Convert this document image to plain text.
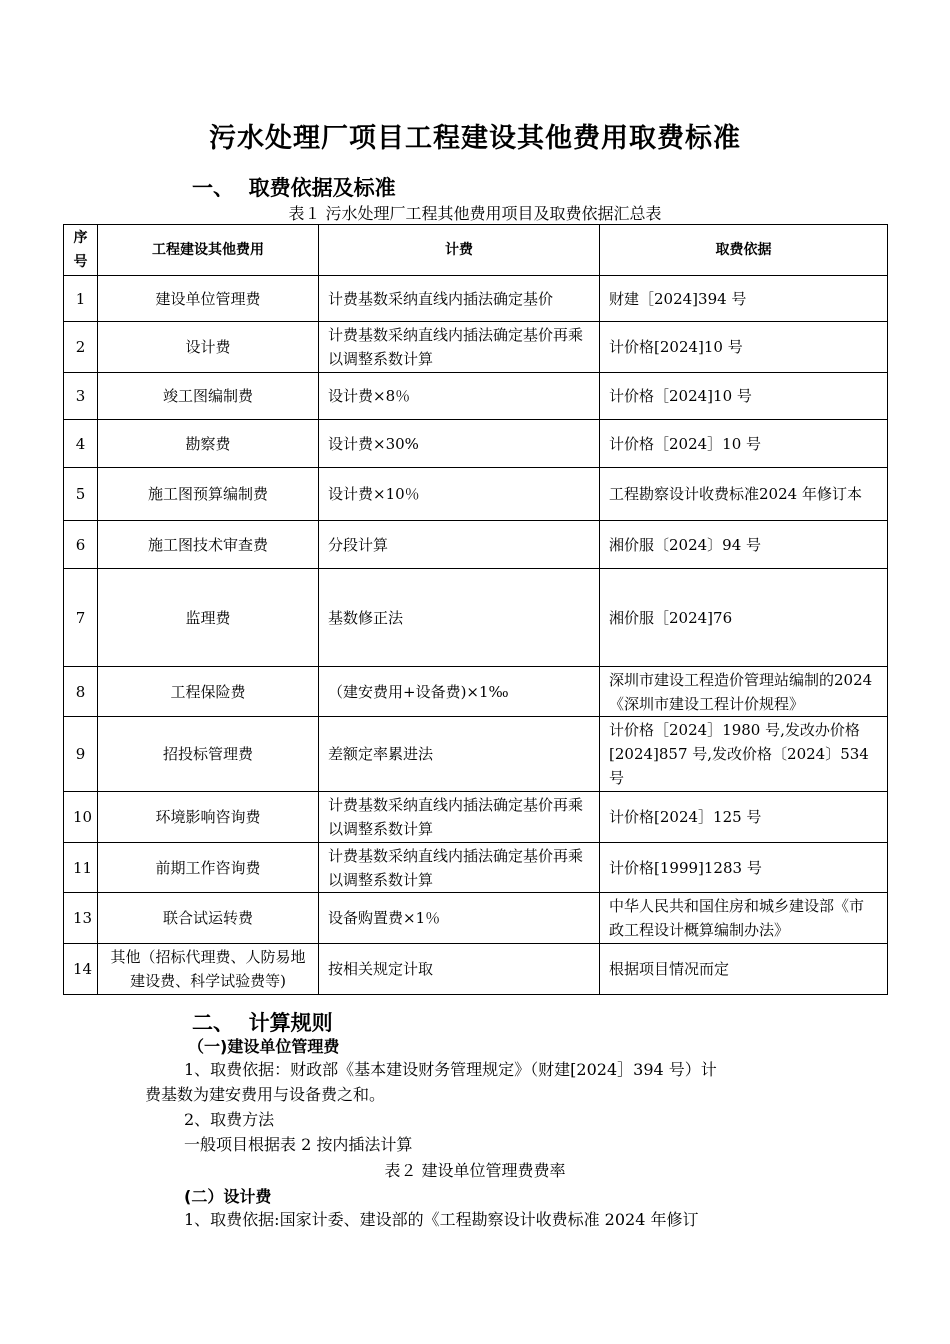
污水处理厂项目工程建设其他费用取费标准
一、  取费依据及标准
表１ 污水处理厂工程其他费用项目及取费依据汇总表
序号	工程建设其他费用	计费	取费依据
1	建设单位管理费	计费基数采纳直线内插法确定基价	财建［2024]394 号
2	设计费	计费基数采纳直线内插法确定基价再乘以调整系数计算	计价格[2024]10 号
3	竣工图编制费	设计费×8％	计价格［2024]10 号
4	勘察费	设计费×30%	计价格［2024］10 号
5	施工图预算编制费	设计费×10％	工程勘察设计收费标准2024 年修订本
6	施工图技术审查费	分段计算	湘价服〔2024〕94 号
7	监理费	基数修正法	湘价服［2024]76
8	工程保险费	（建安费用+设备费)×1‰	深圳市建设工程造价管理站编制的2024《深圳市建设工程计价规程》
9	招投标管理费	差额定率累进法	计价格［2024］1980 号,发改办价格[2024]857 号,发改价格〔2024〕534 号
10	环境影响咨询费	计费基数采纳直线内插法确定基价再乘以调整系数计算	计价格[2024］125 号
11	前期工作咨询费	计费基数采纳直线内插法确定基价再乘以调整系数计算	计价格[1999]1283 号
13	联合试运转费	设备购置费×1％	中华人民共和国住房和城乡建设部《市政工程设计概算编制办法》
14	其他（招标代理费、人防易地建设费、科学试验费等)	按相关规定计取	根据项目情况而定
二、  计算规则
（一)建设单位管理费
1、取费依据：财政部《基本建设财务管理规定》（财建[2024］394 号）计
费基数为建安费用与设备费之和。
2、取费方法
一般项目根据表 2 按内插法计算
表２ 建设单位管理费费率
(二）设计费
1、取费依据:国家计委、建设部的《工程勘察设计收费标准 2024 年修订
